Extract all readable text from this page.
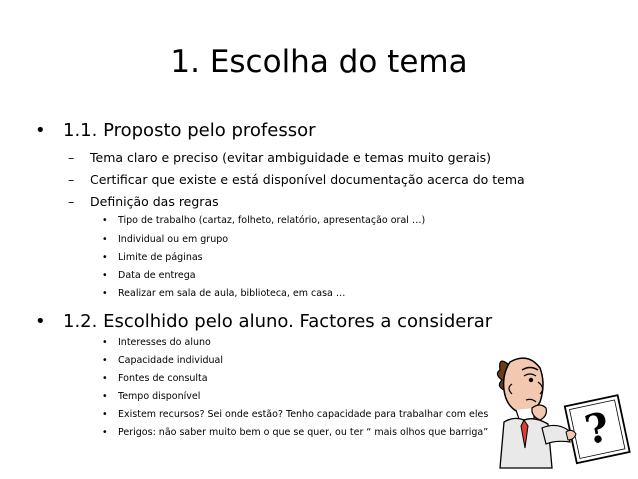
1. Escolha do tema
• 1.1. Proposto pelo professor
– Tema claro e preciso (evitar ambiguidade e temas muito gerais)
– Certificar que existe e está disponível documentação acerca do tema
– Definição das regras
• Tipo de trabalho (cartaz, folheto, relatório, apresentação oral …)
• Individual ou em grupo
• Limite de páginas
• Data de entrega
• Realizar em sala de aula, biblioteca, em casa …
• 1.2. Escolhido pelo aluno. Factores a considerar
• Interesses do aluno
• Capacidade individual
• Fontes de consulta
• Tempo disponível
• Existem recursos? Sei onde estão? Tenho capacidade para trabalhar com eles
• Perigos: não saber muito bem o que se quer, ou ter “ mais olhos que barriga” ?
